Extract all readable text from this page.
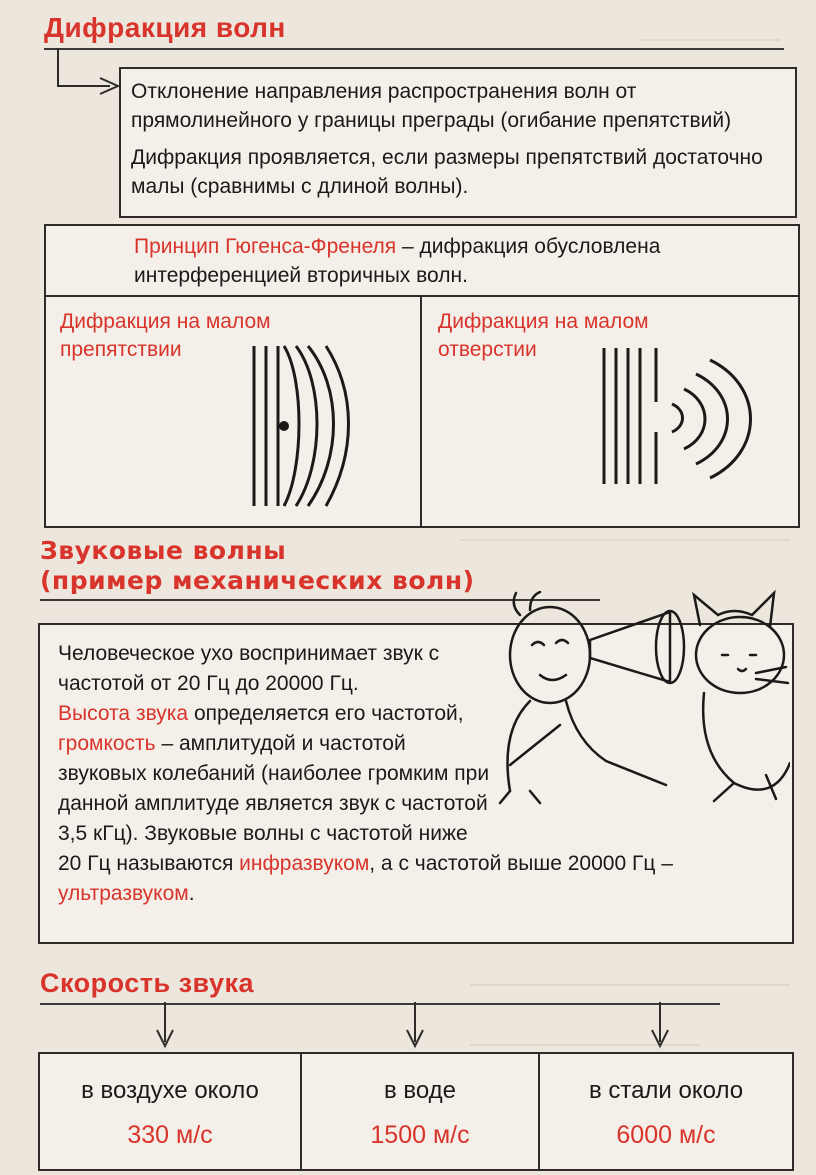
Дифракция волн

Отклонение направления распространения волн от прямолинейного у границы преграды (огибание препятствий)

Дифракция проявляется, если размеры препятствий достаточно малы (сравнимы с длиной волны).

Принцип Гюгенса-Френеля – дифракция обусловлена интерференцией вторичных волн.
Дифракция на малом препятствии
Дифракция на малом отверстии
Звуковые волны
(пример механических волн)
Скорость звука
в воздухе около
330 м/с
в воде
1500 м/с
в стали около
6000 м/с
Человеческое ухо воспринимает звук с частотой от 20 Гц до 20000 Гц.
Высота звука определяется его частотой, громкость – амплитудой и частотой звуковых колебаний (наиболее громким при данной амплитуде является звук с частотой 3,5 кГц). Звуковые волны с частотой ниже 20 Гц называются инфразвуком, а с частотой выше 20000 Гц – ультразвуком.
